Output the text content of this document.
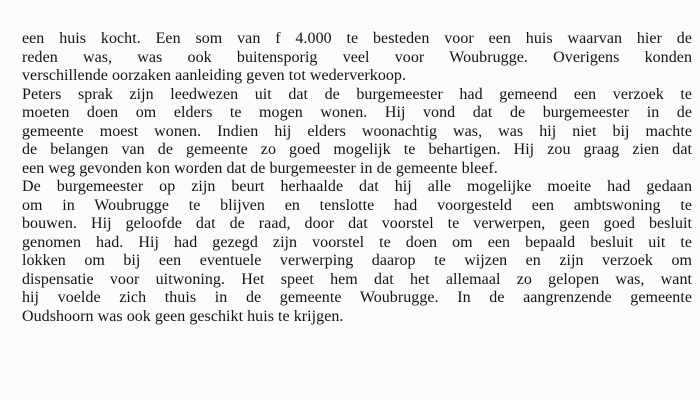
een huis kocht. Een som van f 4.000 te besteden voor een huis waarvan hier de
reden was, was ook buitensporig veel voor Woubrugge. Overigens konden
verschillende oorzaken aanleiding geven tot wederverkoop.
Peters sprak zijn leedwezen uit dat de burgemeester had gemeend een verzoek te
moeten doen om elders te mogen wonen. Hij vond dat de burgemeester in de
gemeente moest wonen. Indien hij elders woonachtig was, was hij niet bij machte
de belangen van de gemeente zo goed mogelijk te behartigen. Hij zou graag zien dat
een weg gevonden kon worden dat de burgemeester in de gemeente bleef.
De burgemeester op zijn beurt herhaalde dat hij alle mogelijke moeite had gedaan
om in Woubrugge te blijven en tenslotte had voorgesteld een ambtswoning te
bouwen. Hij geloofde dat de raad, door dat voorstel te verwerpen, geen goed besluit
genomen had. Hij had gezegd zijn voorstel te doen om een bepaald besluit uit te
lokken om bij een eventuele verwerping daarop te wijzen en zijn verzoek om
dispensatie voor uitwoning. Het speet hem dat het allemaal zo gelopen was, want
hij voelde zich thuis in de gemeente Woubrugge. In de aangrenzende gemeente
Oudshoorn was ook geen geschikt huis te krijgen.
